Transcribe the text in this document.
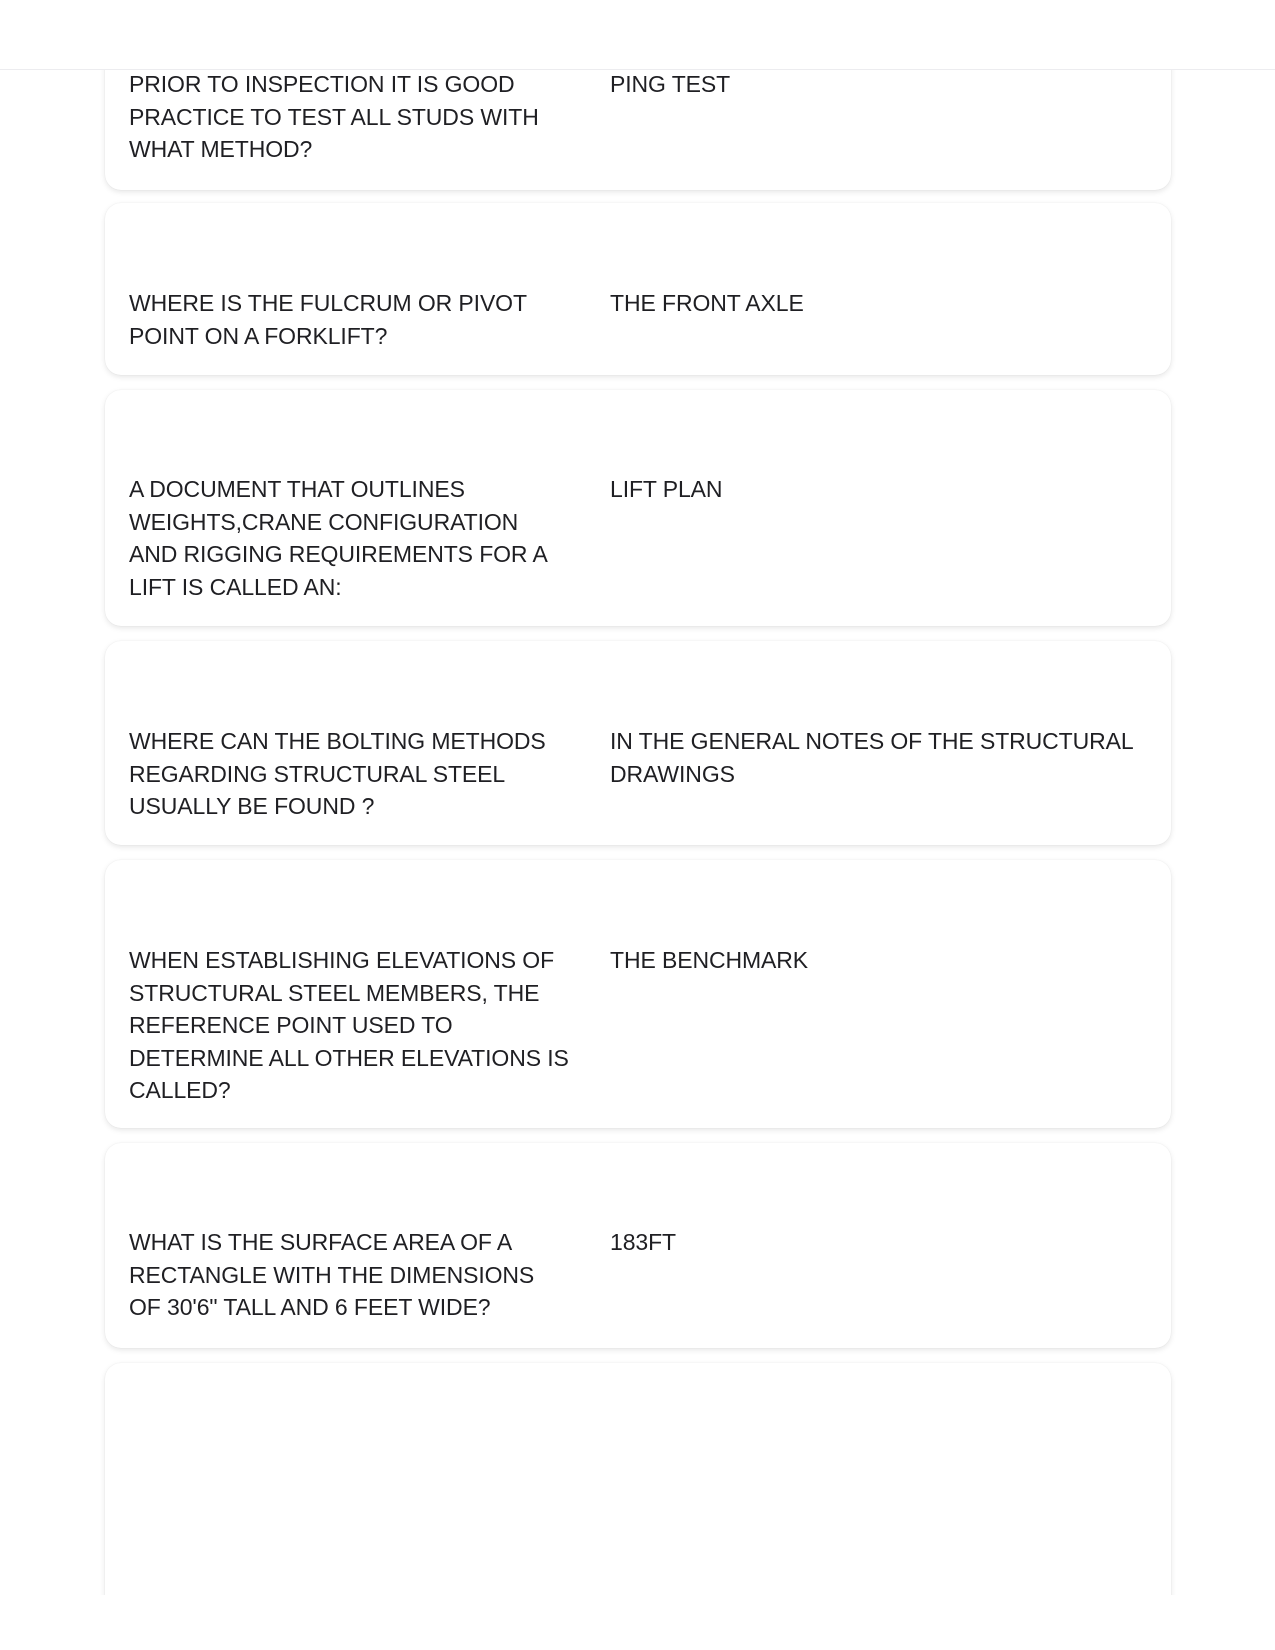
PRIOR TO INSPECTION IT IS GOOD PRACTICE TO TEST ALL STUDS WITH WHAT METHOD?
PING TEST
WHERE IS THE FULCRUM OR PIVOT POINT ON A FORKLIFT?
THE FRONT AXLE
A DOCUMENT THAT OUTLINES WEIGHTS,CRANE CONFIGURATION AND RIGGING REQUIREMENTS FOR A LIFT IS CALLED AN:
LIFT PLAN
WHERE CAN THE BOLTING METHODS REGARDING STRUCTURAL STEEL USUALLY BE FOUND ?
IN THE GENERAL NOTES OF THE STRUCTURAL DRAWINGS
WHEN ESTABLISHING ELEVATIONS OF STRUCTURAL STEEL MEMBERS, THE REFERENCE POINT USED TO DETERMINE ALL OTHER ELEVATIONS IS CALLED?
THE BENCHMARK
WHAT IS THE SURFACE AREA OF A RECTANGLE WITH THE DIMENSIONS OF 30'6" TALL AND 6 FEET WIDE?
183FT
